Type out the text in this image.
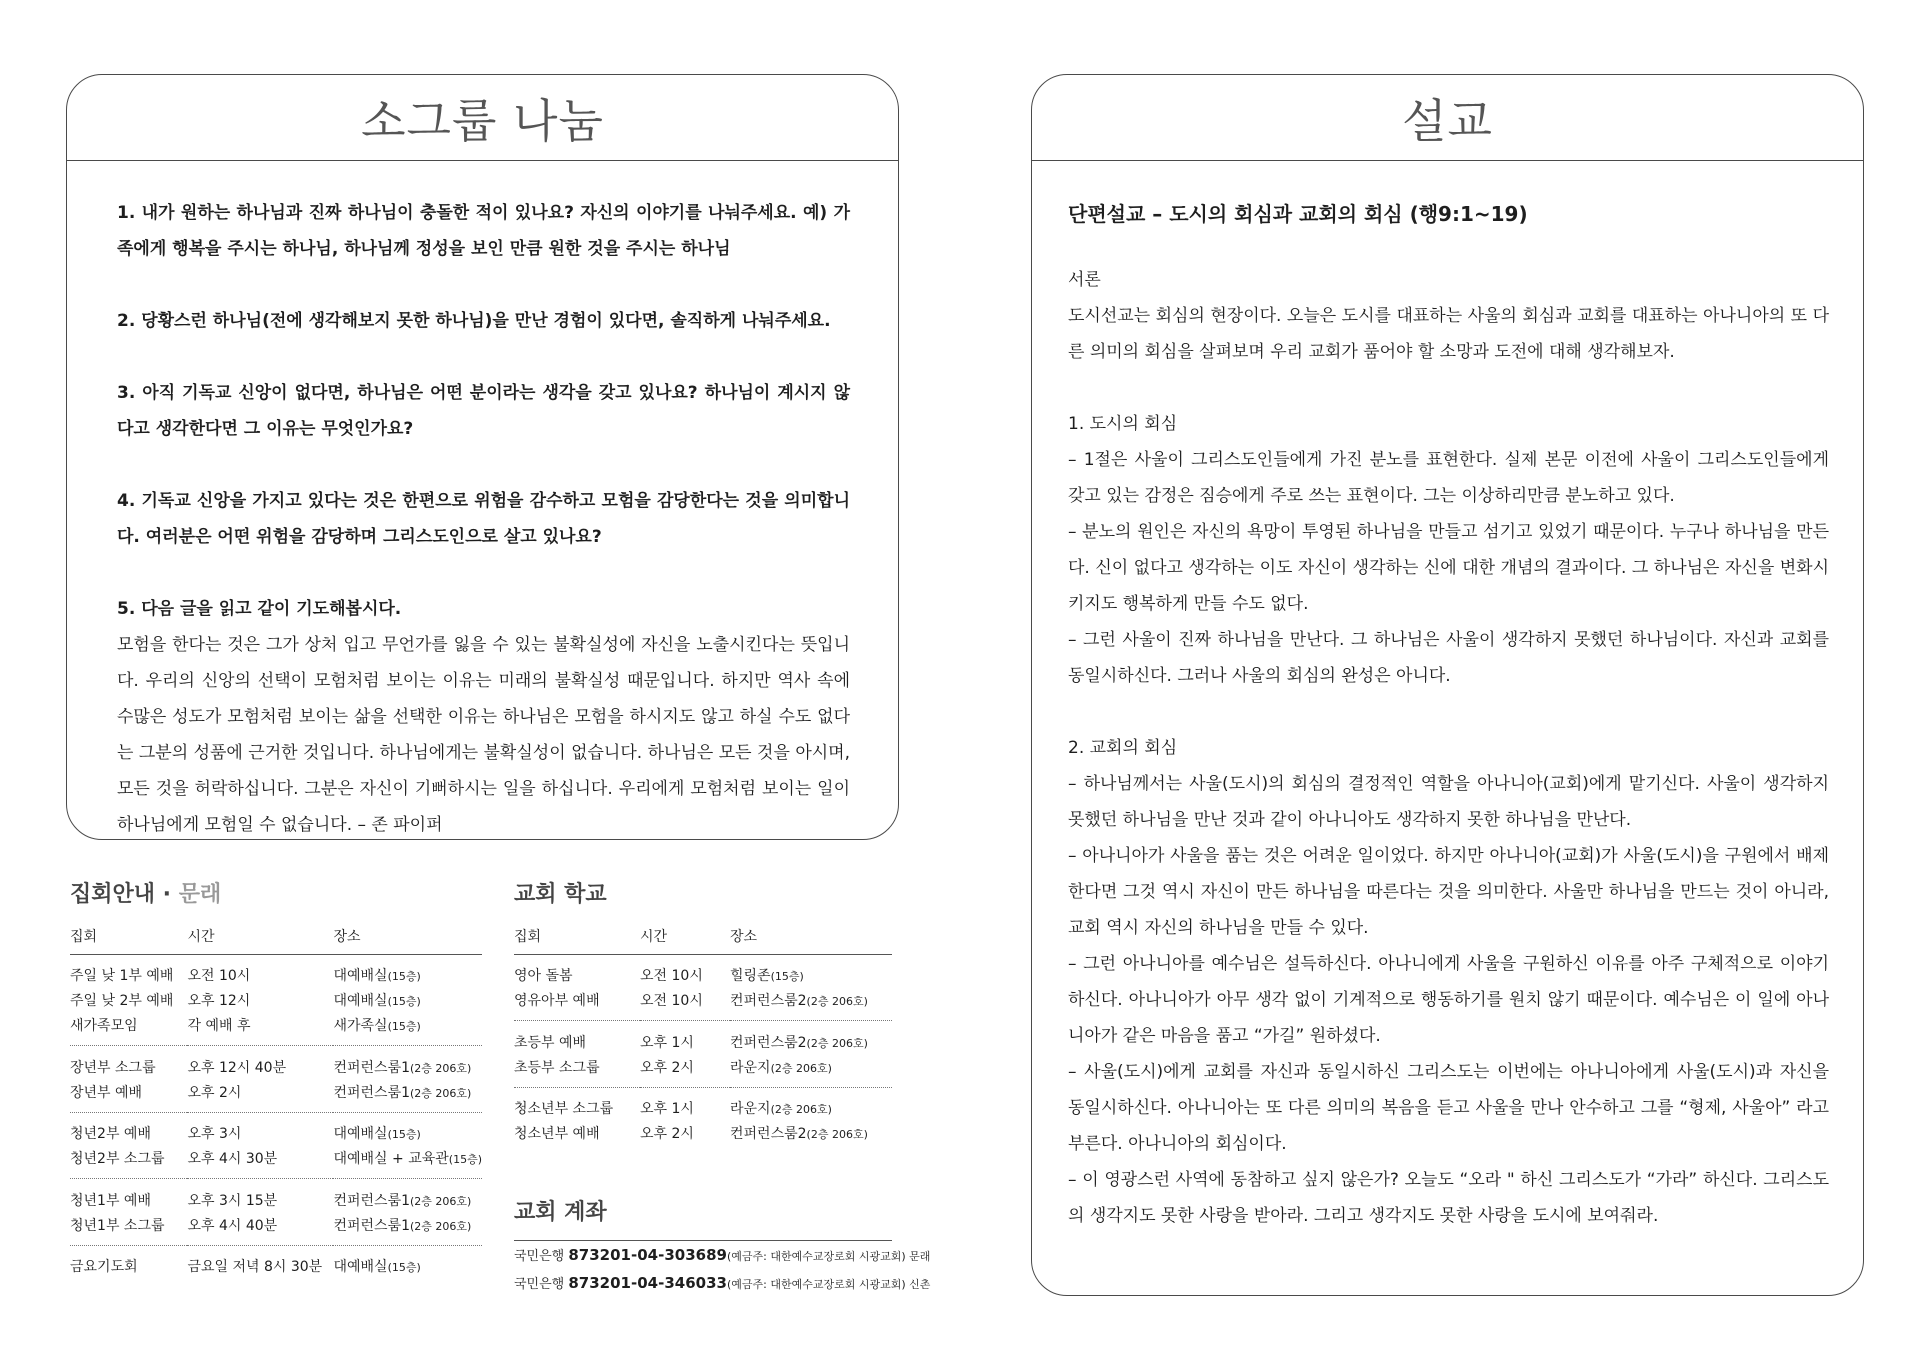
소그룹 나눔

1. 내가 원하는 하나님과 진짜 하나님이 충돌한 적이 있나요? 자신의 이야기를 나눠주세요. 예) 가족에게 행복을 주시는 하나님, 하나님께 정성을 보인 만큼 원한 것을 주시는 하나님

2. 당황스런 하나님(전에 생각해보지 못한 하나님)을 만난 경험이 있다면, 솔직하게 나눠주세요.

3. 아직 기독교 신앙이 없다면, 하나님은 어떤 분이라는 생각을 갖고 있나요? 하나님이 계시지 않다고 생각한다면 그 이유는 무엇인가요?

4. 기독교 신앙을 가지고 있다는 것은 한편으로 위험을 감수하고 모험을 감당한다는 것을 의미합니다. 여러분은 어떤 위험을 감당하며 그리스도인으로 살고 있나요?

5. 다음 글을 읽고 같이 기도해봅시다.

모험을 한다는 것은 그가 상처 입고 무언가를 잃을 수 있는 불확실성에 자신을 노출시킨다는 뜻입니다. 우리의 신앙의 선택이 모험처럼 보이는 이유는 미래의 불확실성 때문입니다. 하지만 역사 속에 수많은 성도가 모험처럼 보이는 삶을 선택한 이유는 하나님은 모험을 하시지도 않고 하실 수도 없다는 그분의 성품에 근거한 것입니다. 하나님에게는 불확실성이 없습니다. 하나님은 모든 것을 아시며, 모든 것을 허락하십니다. 그분은 자신이 기뻐하시는 일을 하십니다. 우리에게 모험처럼 보이는 일이 하나님에게 모험일 수 없습니다. – 존 파이퍼

집회안내 · 문래
집회	시간	장소

주일 낮 1부 예배	오전 10시	대예배실(15층)
주일 낮 2부 예배	오후 12시	대예배실(15층)
새가족모임	각 예배 후	새가족실(15층)

장년부 소그룹	오후 12시 40분	컨퍼런스룸1(2층 206호)
장년부 예배	오후 2시	컨퍼런스룸1(2층 206호)

청년2부 예배	오후 3시	대예배실(15층)
청년2부 소그룹	오후 4시 30분	대예배실 + 교육관(15층)

청년1부 예배	오후 3시 15분	컨퍼런스룸1(2층 206호)
청년1부 소그룹	오후 4시 40분	컨퍼런스룸1(2층 206호)

금요기도회	금요일 저녁 8시 30분	대예배실(15층)
교회 학교
집회	시간	장소

영아 돌봄	오전 10시	힐링존(15층)
영유아부 예배	오전 10시	컨퍼런스룸2(2층 206호)

초등부 예배	오후 1시	컨퍼런스룸2(2층 206호)
초등부 소그룹	오후 2시	라운지(2층 206호)

청소년부 소그룹	오후 1시	라운지(2층 206호)
청소년부 예배	오후 2시	컨퍼런스룸2(2층 206호)
교회 계좌
국민은행 873201-04-303689(예금주: 대한예수교장로회 시광교회) 문래
국민은행 873201-04-346033(예금주: 대한예수교장로회 시광교회) 신촌
설교
단편설교 – 도시의 회심과 교회의 회심 (행9:1~19)

서론

도시선교는 회심의 현장이다. 오늘은 도시를 대표하는 사울의 회심과 교회를 대표하는 아나니아의 또 다른 의미의 회심을 살펴보며 우리 교회가 품어야 할 소망과 도전에 대해 생각해보자.

1. 도시의 회심

– 1절은 사울이 그리스도인들에게 가진 분노를 표현한다. 실제 본문 이전에 사울이 그리스도인들에게 갖고 있는 감정은 짐승에게 주로 쓰는 표현이다. 그는 이상하리만큼 분노하고 있다.

– 분노의 원인은 자신의 욕망이 투영된 하나님을 만들고 섬기고 있었기 때문이다. 누구나 하나님을 만든다. 신이 없다고 생각하는 이도 자신이 생각하는 신에 대한 개념의 결과이다. 그 하나님은 자신을 변화시키지도 행복하게 만들 수도 없다.

– 그런 사울이 진짜 하나님을 만난다. 그 하나님은 사울이 생각하지 못했던 하나님이다. 자신과 교회를 동일시하신다. 그러나 사울의 회심의 완성은 아니다.

2. 교회의 회심

– 하나님께서는 사울(도시)의 회심의 결정적인 역할을 아나니아(교회)에게 맡기신다. 사울이 생각하지 못했던 하나님을 만난 것과 같이 아나니아도 생각하지 못한 하나님을 만난다.

– 아나니아가 사울을 품는 것은 어려운 일이었다. 하지만 아나니아(교회)가 사울(도시)을 구원에서 배제한다면 그것 역시 자신이 만든 하나님을 따른다는 것을 의미한다. 사울만 하나님을 만드는 것이 아니라, 교회 역시 자신의 하나님을 만들 수 있다.

– 그런 아나니아를 예수님은 설득하신다. 아나니에게 사울을 구원하신 이유를 아주 구체적으로 이야기하신다. 아나니아가 아무 생각 없이 기계적으로 행동하기를 원치 않기 때문이다. 예수님은 이 일에 아나니아가 같은 마음을 품고 “가길” 원하셨다.

– 사울(도시)에게 교회를 자신과 동일시하신 그리스도는 이번에는 아나니아에게 사울(도시)과 자신을 동일시하신다. 아나니아는 또 다른 의미의 복음을 듣고 사울을 만나 안수하고 그를 “형제, 사울아” 라고 부른다. 아나니아의 회심이다.

– 이 영광스런 사역에 동참하고 싶지 않은가? 오늘도 “오라 " 하신 그리스도가 “가라” 하신다. 그리스도의 생각지도 못한 사랑을 받아라. 그리고 생각지도 못한 사랑을 도시에 보여줘라.
